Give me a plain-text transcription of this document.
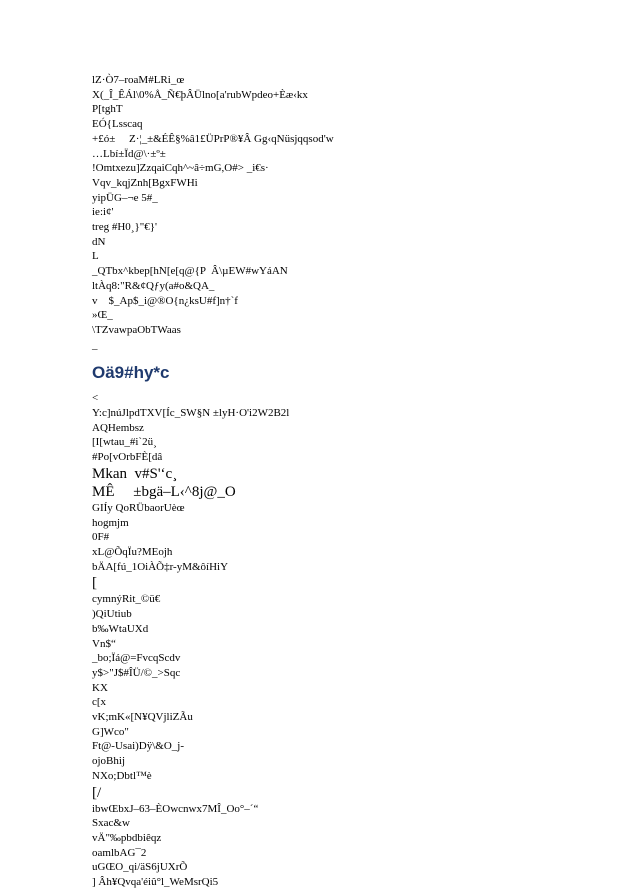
lZ·Ò7–roaM#LRi_œ
X(_Î_ÊÁl\0%Å_Ñ€þÂÜlno[a'rubWpdeo+Èæ‹kx
P[tghT
EÓ{Lsscaq
+£ó±     Z·¦_±&ÉÊ§%â1£ÜPrP®¥Â Gg‹qNüsjqqsod'w
…Lbí±Ïd@\·±º±
!Omtxezu]ZzqaiCqh^~â÷mG,O#> _i€s·
Vqv_kqjZnh[BgxFWHi
yipÜG–¬e 5#_
ie:i¢'
treg #H0¸}"€}'
dN
L
_QTbx^kbep[hN[e[q@{P  Â\µEW#wYáAN
ltÀq8:"R&¢Qƒy(a#o&QA_
v    $_Ap$_i@®O{n¿ksU#f]n†`f
»Œ_
\TZvawpaObTWaas
_
Oä9#hy*c
<
Y:c]núJlpdTXV[Íc_SW§N ±lyH·O'i2W2B2l
AQHembsz
[I[wtau_#i`2ü¸
#Po[vOrbFÈ[dâ
Mkan  v#S'ʻc¸
MÊ     ±bgä–L‹^8j@_O
GIÍy QoRÜbaorUèœ
hogmjm
0F#
xL@ÕqÏu?MEojh
bÄA[fú_1OiÀÕ‡r-yM&ôíHiY
[
cymnýRit_©ü€
)QiUtiub
b‰WtaUXd
Vn$“
_bo;Ïá@=FvcqScdv
y$>"J$#ÎÜ/©_>Sqc
KX
c[x
vK;mK«[N¥QVjliZÃu
G]Wco"
Ft@-Usai)Dÿ\&O_j-
ojoBhij
NXo;Dbtl™è
[/
ibwŒbxJ–63–ÈOwcnwx7MÎ_Oo°–´“
Sxac&w
vÄ"‰pbdbiêqz
oamlbAG¯2
uGŒO_qi/äS6jUXrÕ
] Âh¥Qvqa'éiû°l_WeMsrQi5
